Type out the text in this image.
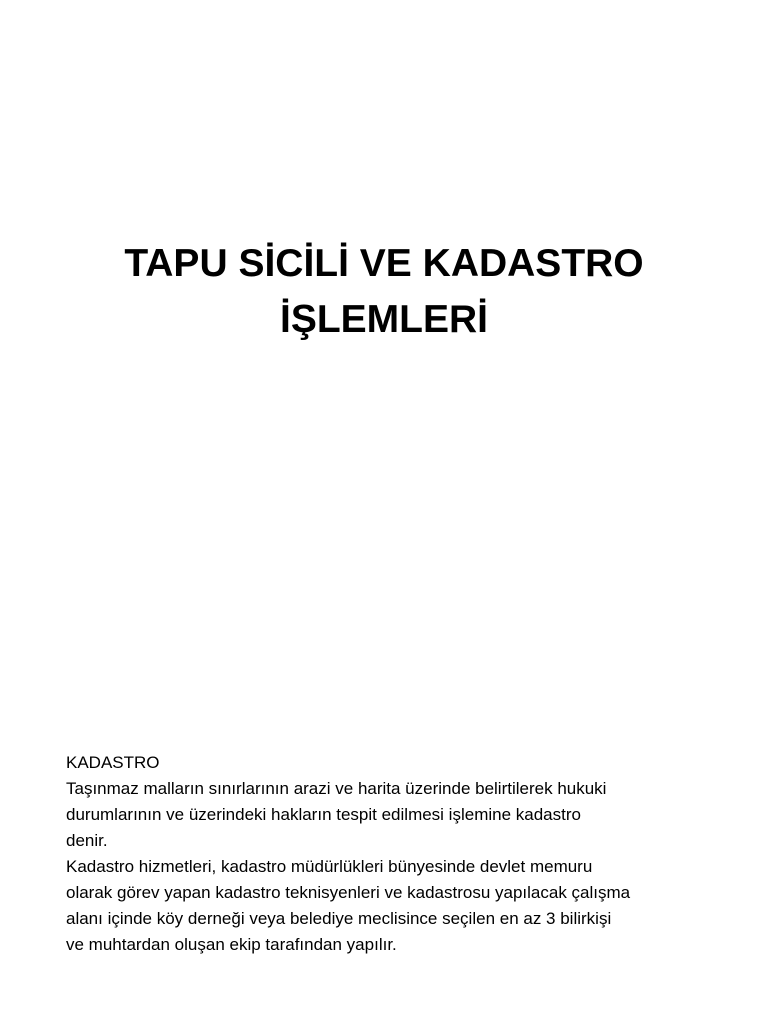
TAPU SİCİLİ VE KADASTRO
İŞLEMLERİ

KADASTRO

Taşınmaz malların sınırlarının arazi ve harita üzerinde belirtilerek hukuki

durumlarının ve üzerindeki hakların tespit edilmesi işlemine kadastro

denir.

Kadastro hizmetleri, kadastro müdürlükleri bünyesinde devlet memuru

olarak görev yapan kadastro teknisyenleri ve kadastrosu yapılacak çalışma

alanı içinde köy derneği veya belediye meclisince seçilen en az 3 bilirkişi

ve muhtardan oluşan ekip tarafından yapılır.
